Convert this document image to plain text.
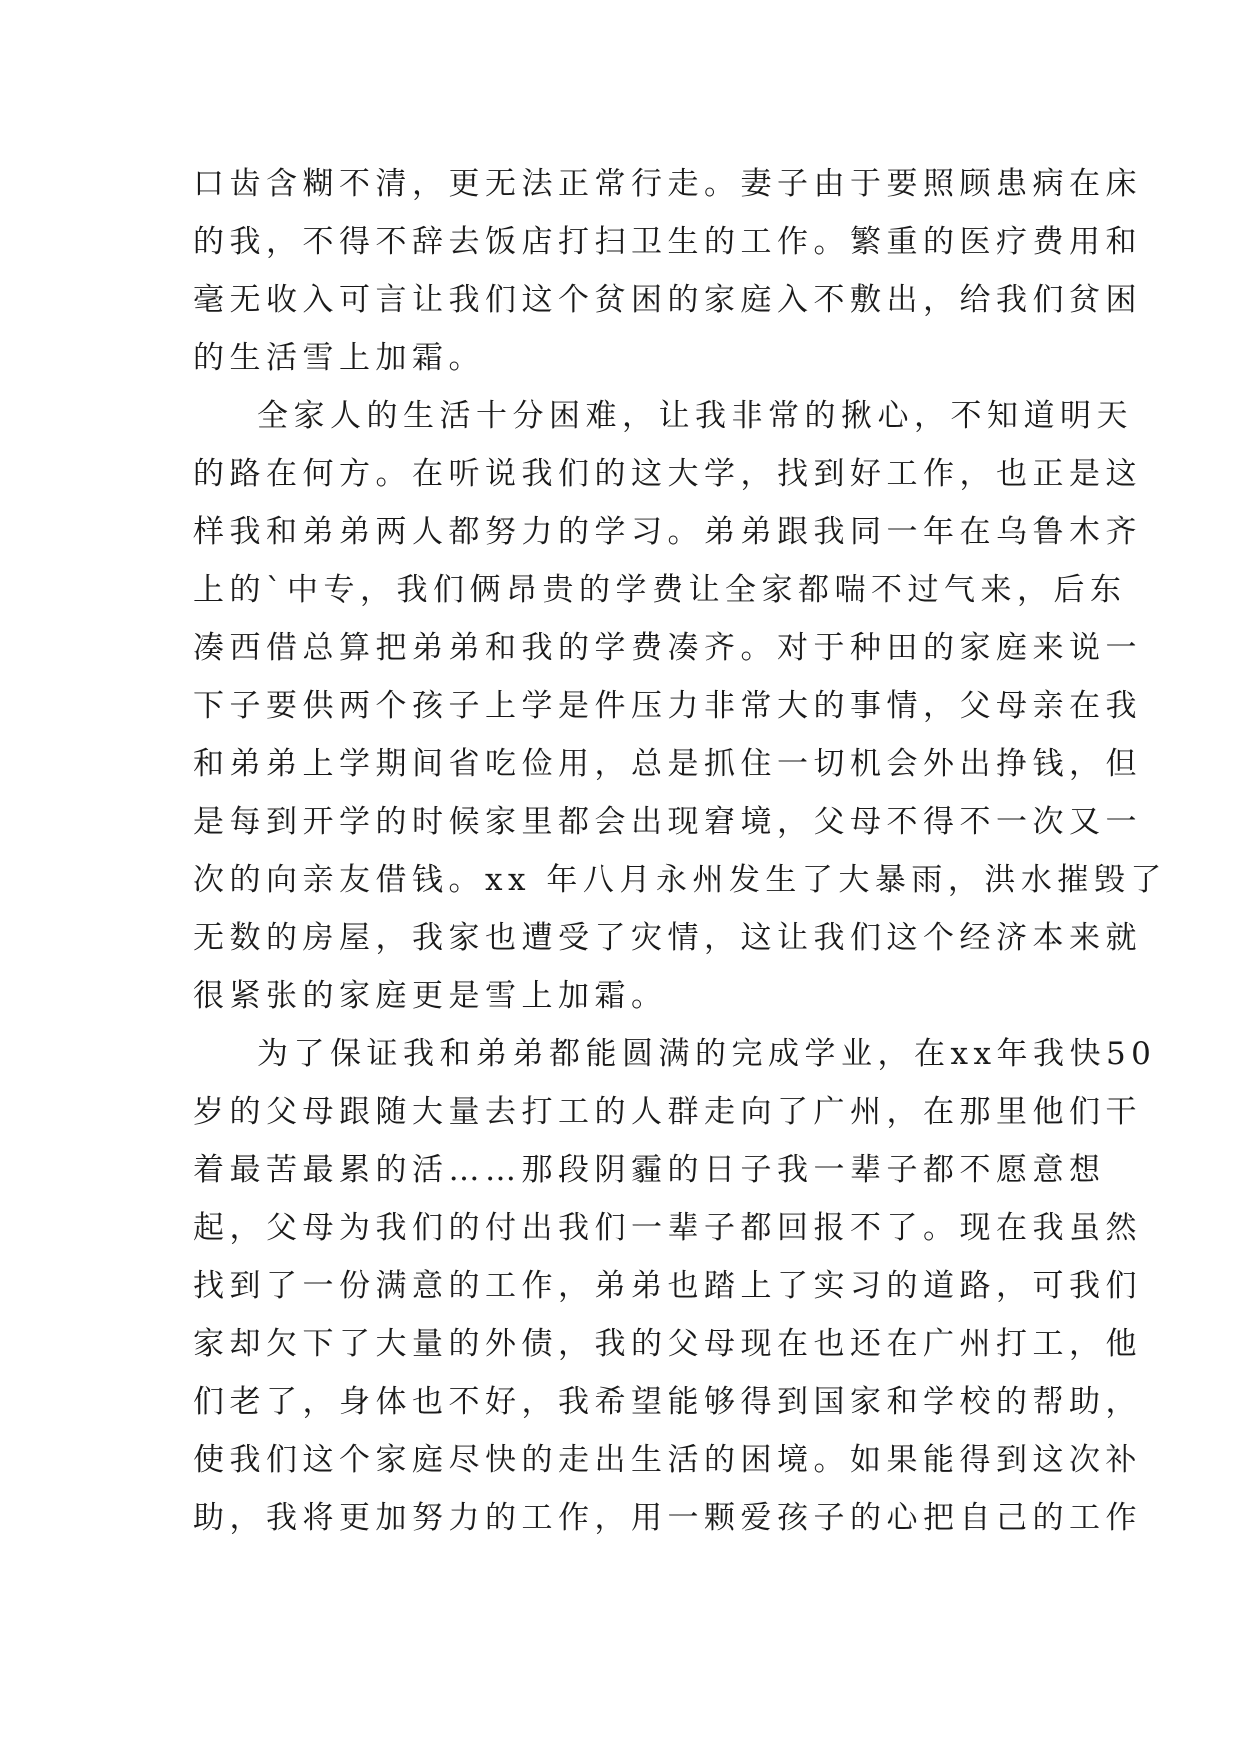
口齿含糊不清，更无法正常行走。妻子由于要照顾患病在床
的我，不得不辞去饭店打扫卫生的工作。繁重的医疗费用和
毫无收入可言让我们这个贫困的家庭入不敷出，给我们贫困
的生活雪上加霜。
全家人的生活十分困难，让我非常的揪心，不知道明天
的路在何方。在听说我们的这大学，找到好工作，也正是这
样我和弟弟两人都努力的学习。弟弟跟我同一年在乌鲁木齐
上的`中专，我们俩昂贵的学费让全家都喘不过气来，后东
凑西借总算把弟弟和我的学费凑齐。对于种田的家庭来说一
下子要供两个孩子上学是件压力非常大的事情，父母亲在我
和弟弟上学期间省吃俭用，总是抓住一切机会外出挣钱，但
是每到开学的时候家里都会出现窘境，父母不得不一次又一
次的向亲友借钱。xx 年八月永州发生了大暴雨，洪水摧毁了
无数的房屋，我家也遭受了灾情，这让我们这个经济本来就
很紧张的家庭更是雪上加霜。
为了保证我和弟弟都能圆满的完成学业，在xx年我快50
岁的父母跟随大量去打工的人群走向了广州，在那里他们干
着最苦最累的活……那段阴霾的日子我一辈子都不愿意想
起，父母为我们的付出我们一辈子都回报不了。现在我虽然
找到了一份满意的工作，弟弟也踏上了实习的道路，可我们
家却欠下了大量的外债，我的父母现在也还在广州打工，他
们老了，身体也不好，我希望能够得到国家和学校的帮助，
使我们这个家庭尽快的走出生活的困境。如果能得到这次补
助，我将更加努力的工作，用一颗爱孩子的心把自己的工作
